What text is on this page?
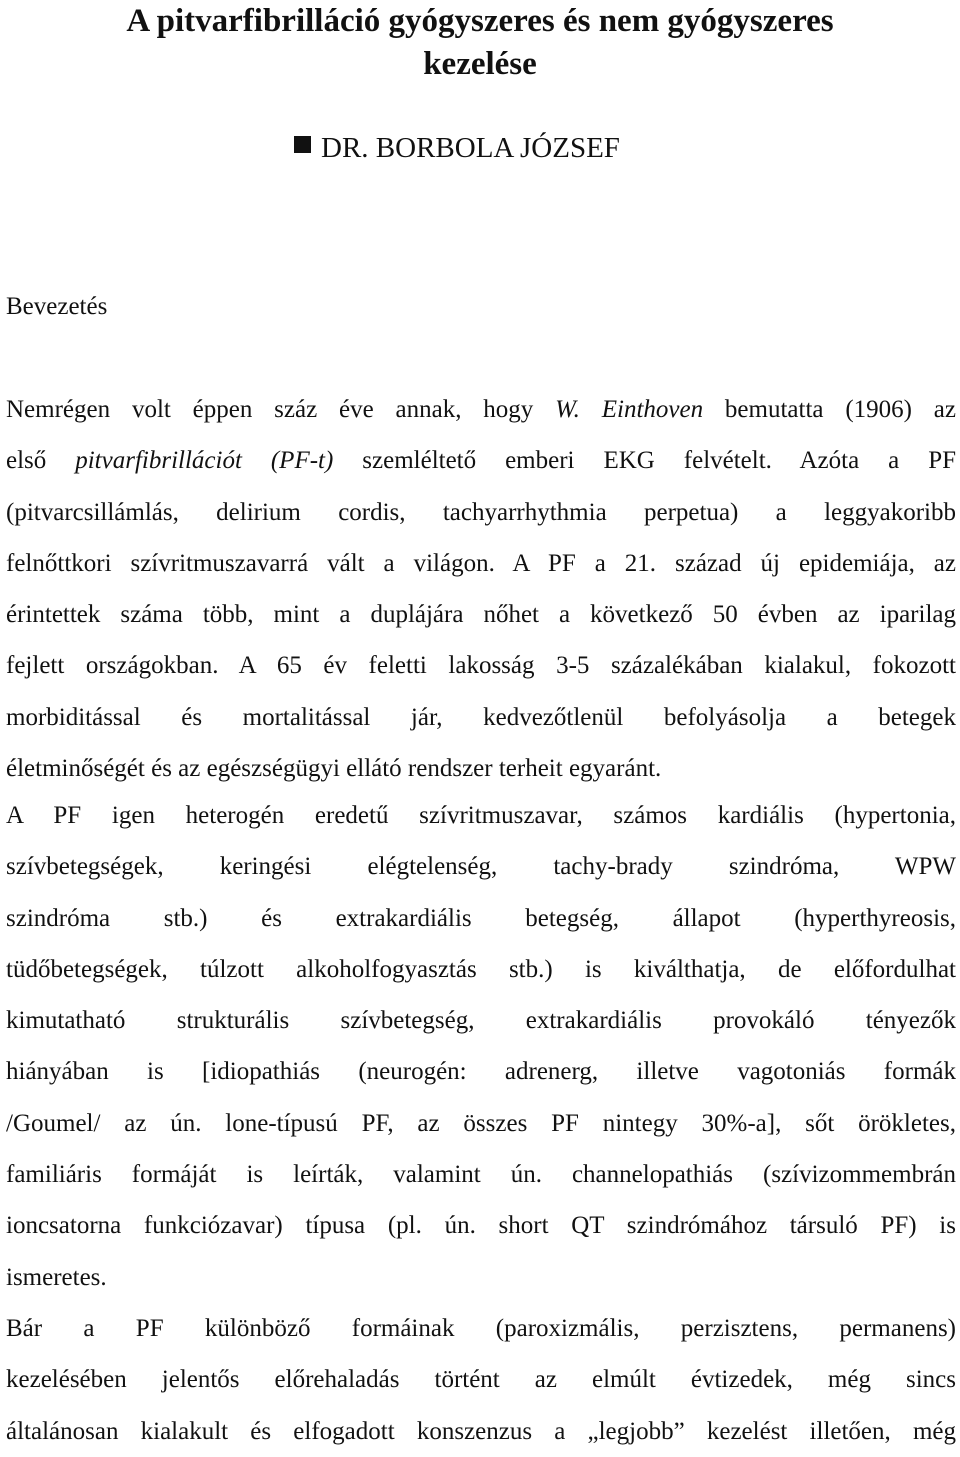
A pitvarfibrilláció gyógyszeres és nem gyógyszeres
kezelése
DR. BORBOLA JÓZSEF
Bevezetés
Nemrégen volt éppen száz éve annak, hogy W. Einthoven bemutatta (1906) az
első pitvarfibrillációt (PF-t) szemléltető emberi EKG felvételt. Azóta a PF
(pitvarcsillámlás, delirium cordis, tachyarrhythmia perpetua) a leggyakoribb
felnőttkori szívritmuszavarrá vált a világon. A PF a 21. század új epidemiája, az
érintettek száma több, mint a duplájára nőhet a következő 50 évben az iparilag
fejlett országokban. A 65 év feletti lakosság 3-5 százalékában kialakul, fokozott
morbiditással és mortalitással jár, kedvezőtlenül befolyásolja a betegek
életminőségét és az egészségügyi ellátó rendszer terheit egyaránt.
A PF igen heterogén eredetű szívritmuszavar, számos kardiális (hypertonia,
szívbetegségek, keringési elégtelenség, tachy-brady szindróma, WPW
szindróma stb.) és extrakardiális betegség, állapot (hyperthyreosis,
tüdőbetegségek, túlzott alkoholfogyasztás stb.) is kiválthatja, de előfordulhat
kimutatható strukturális szívbetegség, extrakardiális provokáló tényezők
hiányában is [idiopathiás (neurogén: adrenerg, illetve vagotoniás formák
/Goumel/ az ún. lone-típusú PF, az összes PF nintegy 30%-a], sőt örökletes,
familiáris formáját is leírták, valamint ún. channelopathiás (szívizommembrán
ioncsatorna funkciózavar) típusa (pl. ún. short QT szindrómához társuló PF) is
ismeretes.
Bár a PF különböző formáinak (paroxizmális, perzisztens, permanens)
kezelésében jelentős előrehaladás történt az elmúlt évtizedek, még sincs
általánosan kialakult és elfogadott konszenzus a „legjobb” kezelést illetően, még
